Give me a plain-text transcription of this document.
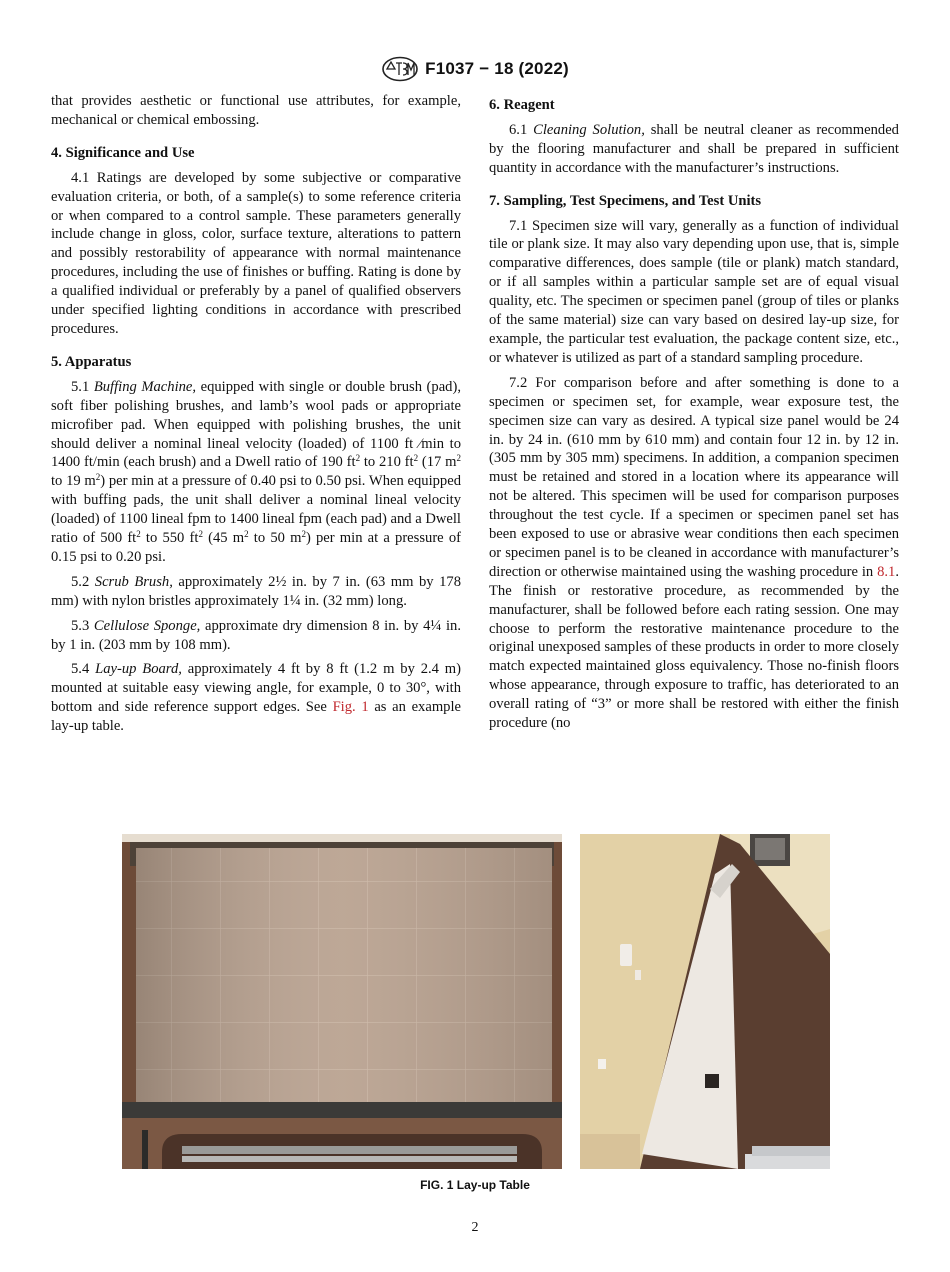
F1037 − 18 (2022)

that provides aesthetic or functional use attributes, for example, mechanical or chemical embossing.

4. Significance and Use

4.1 Ratings are developed by some subjective or comparative evaluation criteria, or both, of a sample(s) to some reference criteria or when compared to a control sample. These parameters generally include change in gloss, color, surface texture, alterations to pattern and possibly restorability of appearance with normal maintenance procedures, including the use of finishes or buffing. Rating is done by a qualified individual or preferably by a panel of qualified observers under specified lighting conditions in accordance with prescribed procedures.

5. Apparatus

5.1 Buffing Machine, equipped with single or double brush (pad), soft fiber polishing brushes, and lamb’s wool pads or appropriate microfiber pad. When equipped with polishing brushes, the unit should deliver a nominal lineal velocity (loaded) of 1100 ft ⁄min to 1400 ft/min (each brush) and a Dwell ratio of 190 $ft^2$ to 210 $ft^2$ (17 $m^2$ to 19 $m^2$) per min at a pressure of 0.40 psi to 0.50 psi. When equipped with buffing pads, the unit shall deliver a nominal lineal velocity (loaded) of 1100 lineal fpm to 1400 lineal fpm (each pad) and a Dwell ratio of 500 $ft^2$ to 550 $ft^2$ (45 $m^2$ to 50 $m^2$) per min at a pressure of 0.15 psi to 0.20 psi.

5.2 Scrub Brush, approximately 2½ in. by 7 in. (63 mm by 178 mm) with nylon bristles approximately 1¼ in. (32 mm) long.

5.3 Cellulose Sponge, approximate dry dimension 8 in. by 4¼ in. by 1 in. (203 mm by 108 mm).

5.4 Lay-up Board, approximately 4 ft by 8 ft (1.2 m by 2.4 m) mounted at suitable easy viewing angle, for example, 0 to 30°, with bottom and side reference support edges. See Fig. 1 as an example lay-up table.

6. Reagent

6.1 Cleaning Solution, shall be neutral cleaner as recommended by the flooring manufacturer and shall be prepared in sufficient quantity in accordance with the manufacturer’s instructions.

7. Sampling, Test Specimens, and Test Units

7.1 Specimen size will vary, generally as a function of individual tile or plank size. It may also vary depending upon use, that is, simple comparative differences, does sample (tile or plank) match standard, or if all samples within a particular sample set are of equal visual quality, etc. The specimen or specimen panel (group of tiles or planks of the same material) size can vary based on desired lay-up size, for example, the particular test evaluation, the package content size, etc., or whatever is utilized as part of a standard sampling procedure.

7.2 For comparison before and after something is done to a specimen or specimen set, for example, wear exposure test, the specimen size can vary as desired. A typical size panel would be 24 in. by 24 in. (610 mm by 610 mm) and contain four 12 in. by 12 in. (305 mm by 305 mm) specimens. In addition, a companion specimen must be retained and stored in a location where its appearance will not be altered. This specimen will be used for comparison purposes throughout the test cycle. If a specimen or specimen panel set has been exposed to use or abrasive wear conditions then each specimen or specimen panel is to be cleaned in accordance with manufacturer’s direction or otherwise maintained using the washing procedure in 8.1. The finish or restorative procedure, as recommended by the manufacturer, shall be followed before each rating session. One may choose to perform the restorative maintenance procedure to the original unexposed samples of these products in order to more closely match expected maintained gloss equivalency. Those no-finish floors whose appearance, through exposure to traffic, has deteriorated to an overall rating of “3” or more shall be restored with either the finish procedure (no

FIG. 1 Lay-up Table
2
